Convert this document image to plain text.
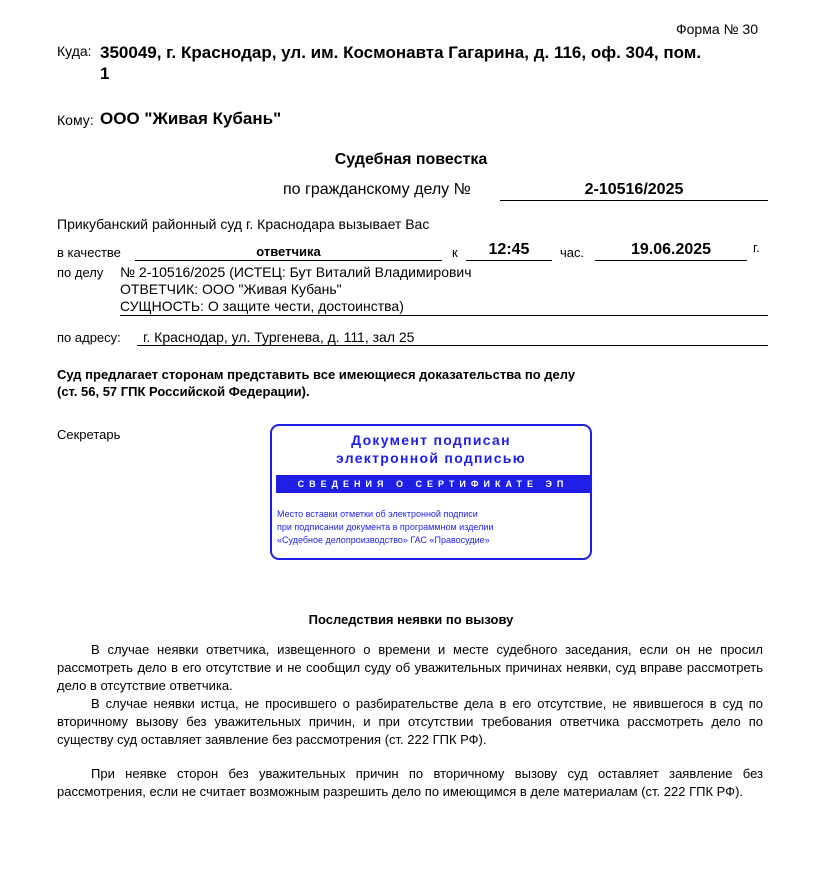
Форма № 30
Куда: 350049, г. Краснодар, ул. им. Космонавта Гагарина, д. 116, оф. 304, пом.
1
Кому: ООО "Живая Кубань"
Судебная повестка
по гражданскому делу №	2-10516/2025
Прикубанский районный суд г. Краснодара вызывает Вас
в качестве	ответчика	к	12:45	час.	19.06.2025	г.
по делу № 2-10516/2025 (ИСТЕЦ: Бут Виталий Владимирович
ОТВЕТЧИК: ООО "Живая Кубань"
СУЩНОСТЬ: О защите чести, достоинства)
по адресу: г. Краснодар, ул. Тургенева, д. 111, зал 25
Суд предлагает сторонам представить все имеющиеся доказательства по делу
(ст. 56, 57 ГПК Российской Федерации).
Секретарь	Документ подписан
электронной подписью
СВЕДЕНИЯ О СЕРТИФИКАТЕ ЭП
Место вставки отметки об электронной подписи
при подписании документа в программном изделии
«Судебное делопроизводство» ГАС «Правосудие»
Последствия неявки по вызову
В случае неявки ответчика, извещенного о времени и месте судебного заседания, если он не просил рассмотреть дело в его отсутствие и не сообщил суду об уважительных причинах неявки, суд вправе рассмотреть дело в отсутствие ответчика.
В случае неявки истца, не просившего о разбирательстве дела в его отсутствие, не явившегося в суд по вторичному вызову без уважительных причин, и при отсутствии требования ответчика рассмотреть дело по существу суд оставляет заявление без рассмотрения (ст. 222 ГПК РФ).
При неявке сторон без уважительных причин по вторичному вызову суд оставляет заявление без рассмотрения, если не считает возможным разрешить дело по имеющимся в деле материалам (ст. 222 ГПК РФ).
